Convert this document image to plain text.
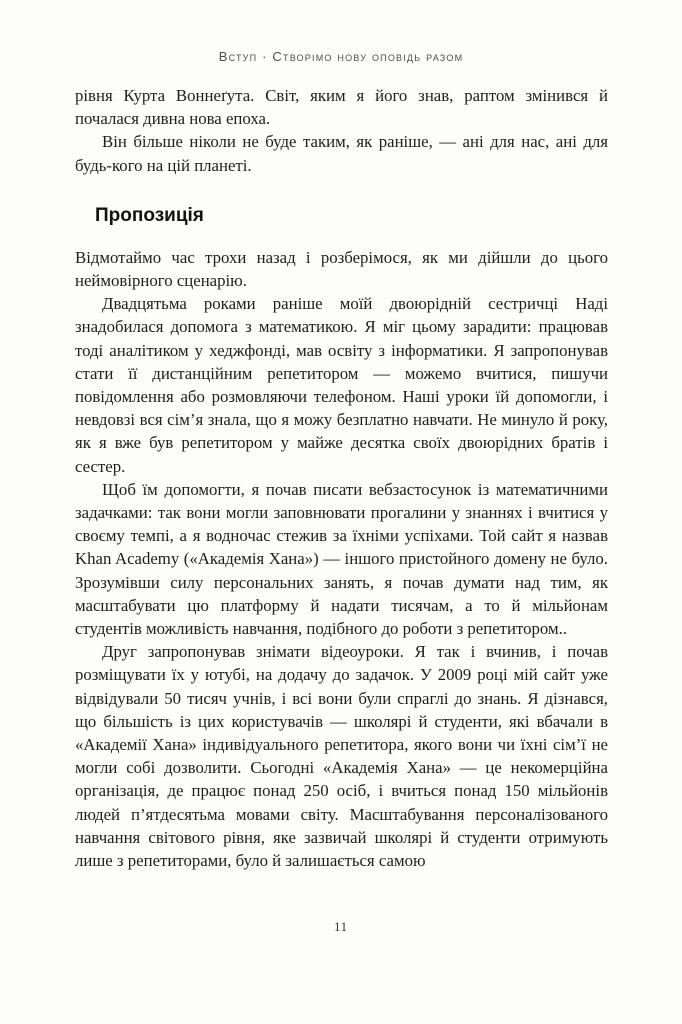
Вступ · Створімо нову оповідь разом

рівня Курта Воннеґута. Світ, яким я його знав, раптом змінився й почалася дивна нова епоха.

Він більше ніколи не буде таким, як раніше, — ані для нас, ані для будь-кого на цій планеті.

Пропозиція

Відмотаймо час трохи назад і розберімося, як ми дійшли до цього неймовірного сценарію.

Двадцятьма роками раніше моїй двоюрідній сестричці Наді знадобилася допомога з математикою. Я міг цьому зарадити: працював тоді аналітиком у хеджфонді, мав освіту з інформатики. Я запропонував стати її дистанційним репетитором — можемо вчитися, пишучи повідомлення або розмовляючи телефоном. Наші уроки їй допомогли, і невдовзі вся сім’я знала, що я можу безплатно навчати. Не минуло й року, як я вже був репетитором у майже десятка своїх двоюрідних братів і сестер.

Щоб їм допомогти, я почав писати вебзастосунок із математичними задачками: так вони могли заповнювати прогалини у знаннях і вчитися у своєму темпі, а я водночас стежив за їхніми успіхами. Той сайт я назвав Khan Academy («Академія Хана») — іншого пристойного домену не було. Зрозумівши силу персональних занять, я почав думати над тим, як масштабувати цю платформу й надати тисячам, а то й мільйонам студентів можливість навчання, подібного до роботи з репетитором..

Друг запропонував знімати відеоуроки. Я так і вчинив, і почав розміщувати їх у ютубі, на додачу до задачок. У 2009 році мій сайт уже відвідували 50 тисяч учнів, і всі вони були спраглі до знань. Я дізнався, що більшість із цих користувачів — школярі й студенти, які вбачали в «Академії Хана» індивідуального репетитора, якого вони чи їхні сім’ї не могли собі дозволити. Сьогодні «Академія Хана» — це некомерційна організація, де працює понад 250 осіб, і вчиться понад 150 мільйонів людей п’ятдесятьма мовами світу. Масштабування персоналізованого навчання світового рівня, яке зазвичай школярі й студенти отримують лише з репетиторами, було й залишається самою

11
